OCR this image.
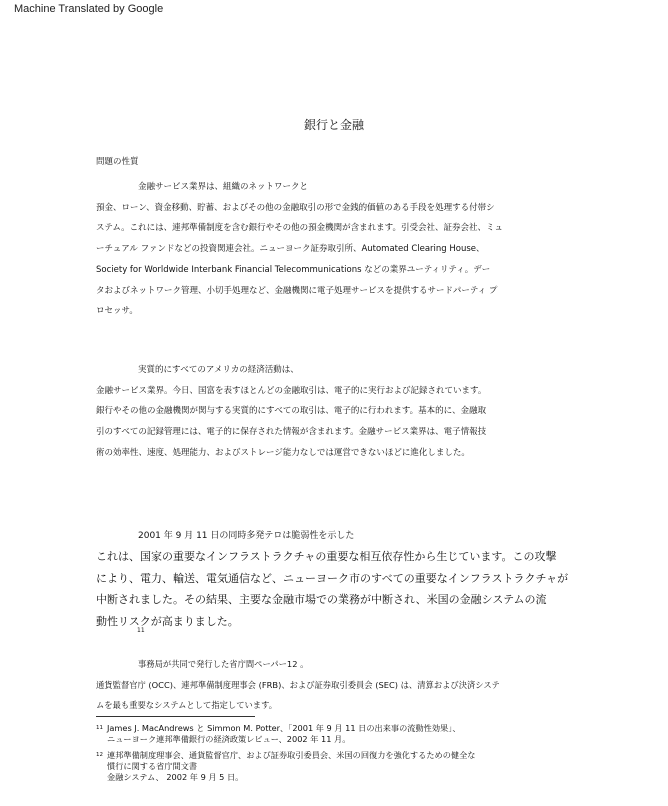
Machine Translated by Google
銀行と金融
問題の性質
金融サービス業界は、組織のネットワークと
預金、ローン、資金移動、貯蓄、およびその他の金融取引の形で金銭的価値のある手段を処理する付帯シ
ステム。これには、連邦準備制度を含む銀行やその他の預金機関が含まれます。引受会社、証券会社、ミュ
ーチュアル ファンドなどの投資関連会社。ニューヨーク証券取引所、Automated Clearing House、
Society for Worldwide Interbank Financial Telecommunications などの業界ユーティリティ。デー
タおよびネットワーク管理、小切手処理など、金融機関に電子処理サービスを提供するサードパーティ プ
ロセッサ。
実質的にすべてのアメリカの経済活動は、
金融サービス業界。今日、国富を表すほとんどの金融取引は、電子的に実行および記録されています。
銀行やその他の金融機関が関与する実質的にすべての取引は、電子的に行われます。基本的に、金融取
引のすべての記録管理には、電子的に保存された情報が含まれます。金融サービス業界は、電子情報技
術の効率性、速度、処理能力、およびストレージ能力なしでは運営できないほどに進化しました。
2001 年 9 月 11 日の同時多発テロは脆弱性を示した
これは、国家の重要なインフラストラクチャの重要な相互依存性から生じています。この攻撃
により、電力、輸送、電気通信など、ニューヨーク市のすべての重要なインフラストラクチャが
中断されました。その結果、主要な金融市場での業務が中断され、米国の金融システムの流
動性リスクが高まりました。
11
事務局が共同で発行した省庁間ペーパー12 。
通貨監督官庁 (OCC)、連邦準備制度理事会 (FRB)、および証券取引委員会 (SEC) は、清算および決済システ
ムを最も重要なシステムとして指定しています。
$^{11}$ James J. MacAndrews と Simmon M. Potter、「2001 年 9 月 11 日の出来事の流動性効果」、
ニューヨーク連邦準備銀行の経済政策レビュー、2002 年 11 月。
$^{12}$ 連邦準備制度理事会、通貨監督官庁、および証券取引委員会、米国の回復力を強化するための健全な
慣行に関する省庁間文書
金融システム、 2002 年 9 月 5 日。
